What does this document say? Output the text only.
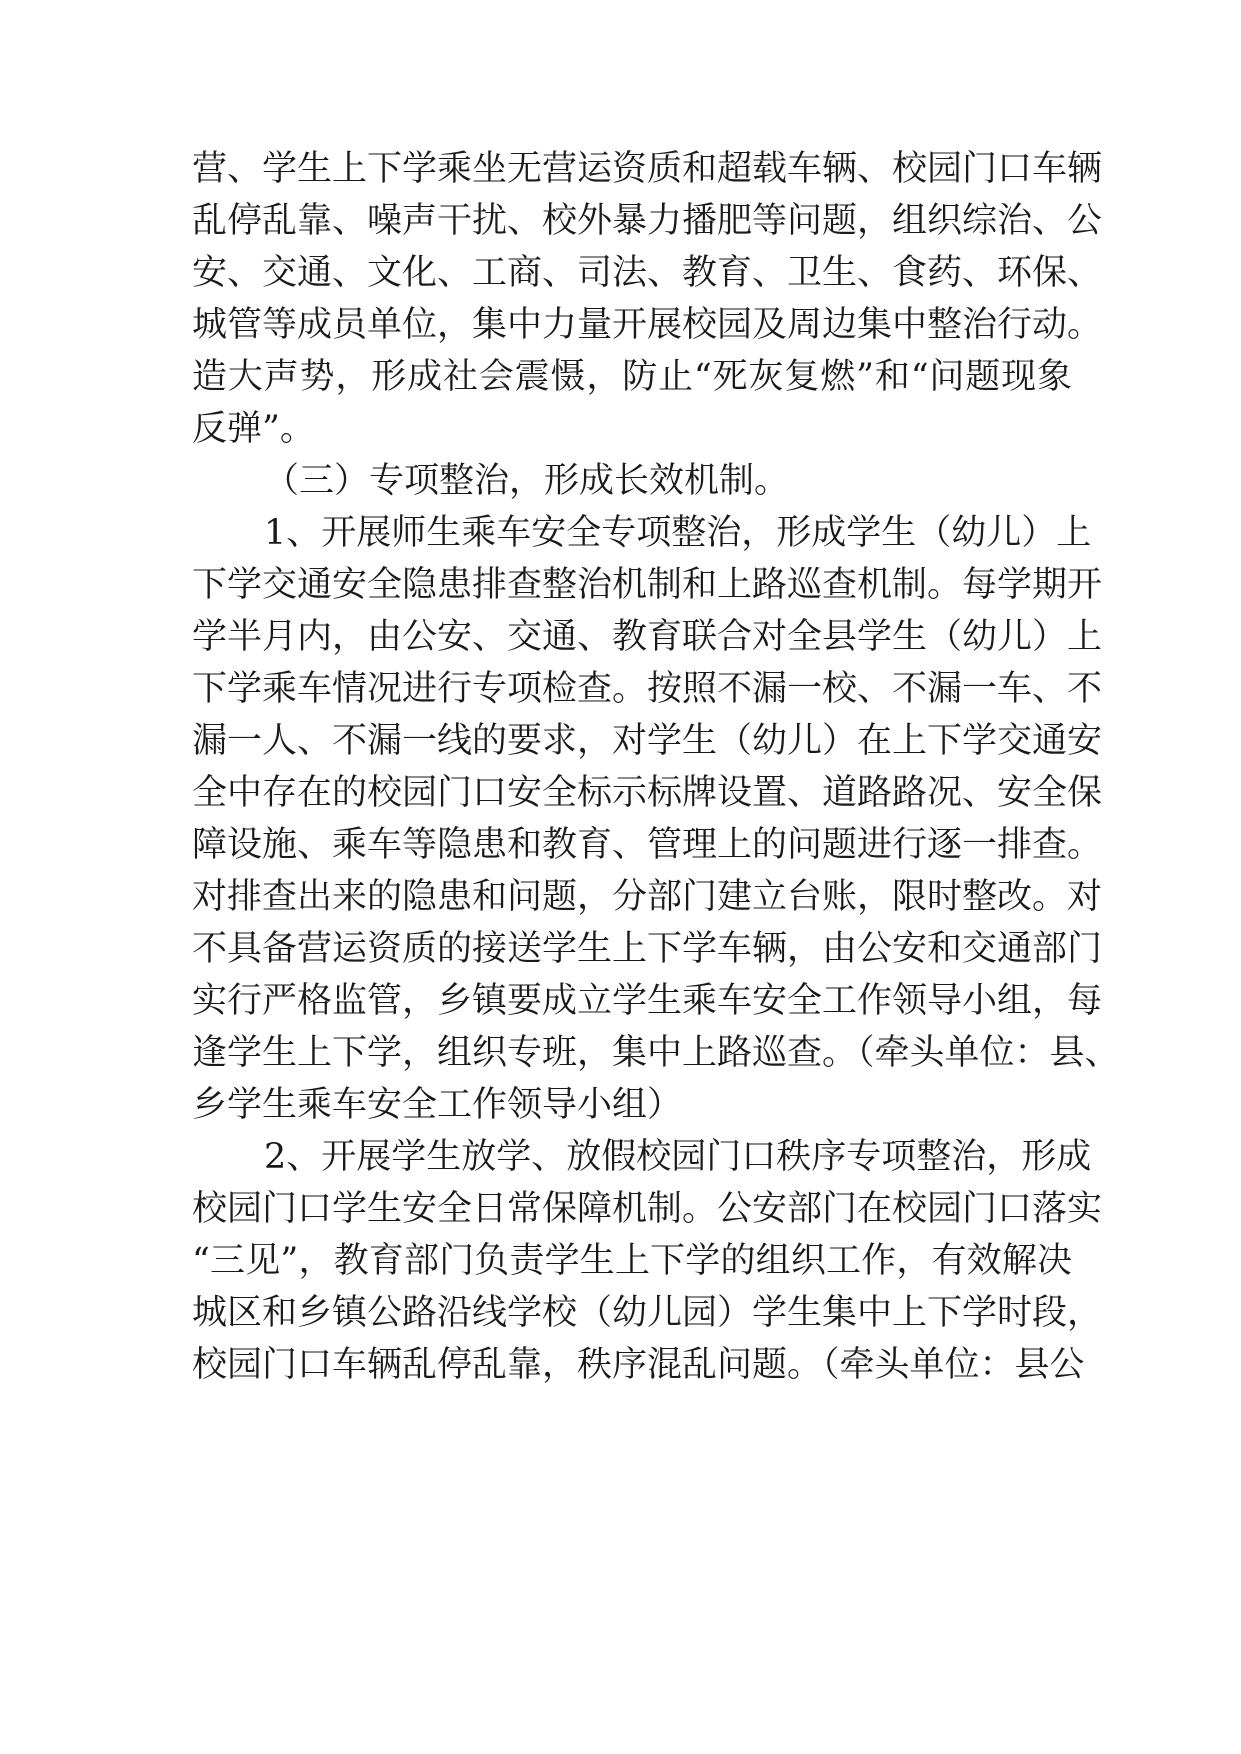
营、学生上下学乘坐无营运资质和超载车辆、校园门口车辆
乱停乱靠、噪声干扰、校外暴力播肥等问题，组织综治、公
安、交通、文化、工商、司法、教育、卫生、食药、环保、
城管等成员单位，集中力量开展校园及周边集中整治行动。
造大声势，形成社会震慑，防止“死灰复燃”和“问题现象
反弹”。
（三）专项整治，形成长效机制。
1、开展师生乘车安全专项整治，形成学生（幼儿）上
下学交通安全隐患排查整治机制和上路巡查机制。每学期开
学半月内，由公安、交通、教育联合对全县学生（幼儿）上
下学乘车情况进行专项检查。按照不漏一校、不漏一车、不
漏一人、不漏一线的要求，对学生（幼儿）在上下学交通安
全中存在的校园门口安全标示标牌设置、道路路况、安全保
障设施、乘车等隐患和教育、管理上的问题进行逐一排查。
对排查出来的隐患和问题，分部门建立台账，限时整改。对
不具备营运资质的接送学生上下学车辆，由公安和交通部门
实行严格监管，乡镇要成立学生乘车安全工作领导小组，每
逢学生上下学，组织专班，集中上路巡查。（牵头单位：县、
乡学生乘车安全工作领导小组）
2、开展学生放学、放假校园门口秩序专项整治，形成
校园门口学生安全日常保障机制。公安部门在校园门口落实
“三见”，教育部门负责学生上下学的组织工作，有效解决
城区和乡镇公路沿线学校（幼儿园）学生集中上下学时段，
校园门口车辆乱停乱靠，秩序混乱问题。（牵头单位：县公
